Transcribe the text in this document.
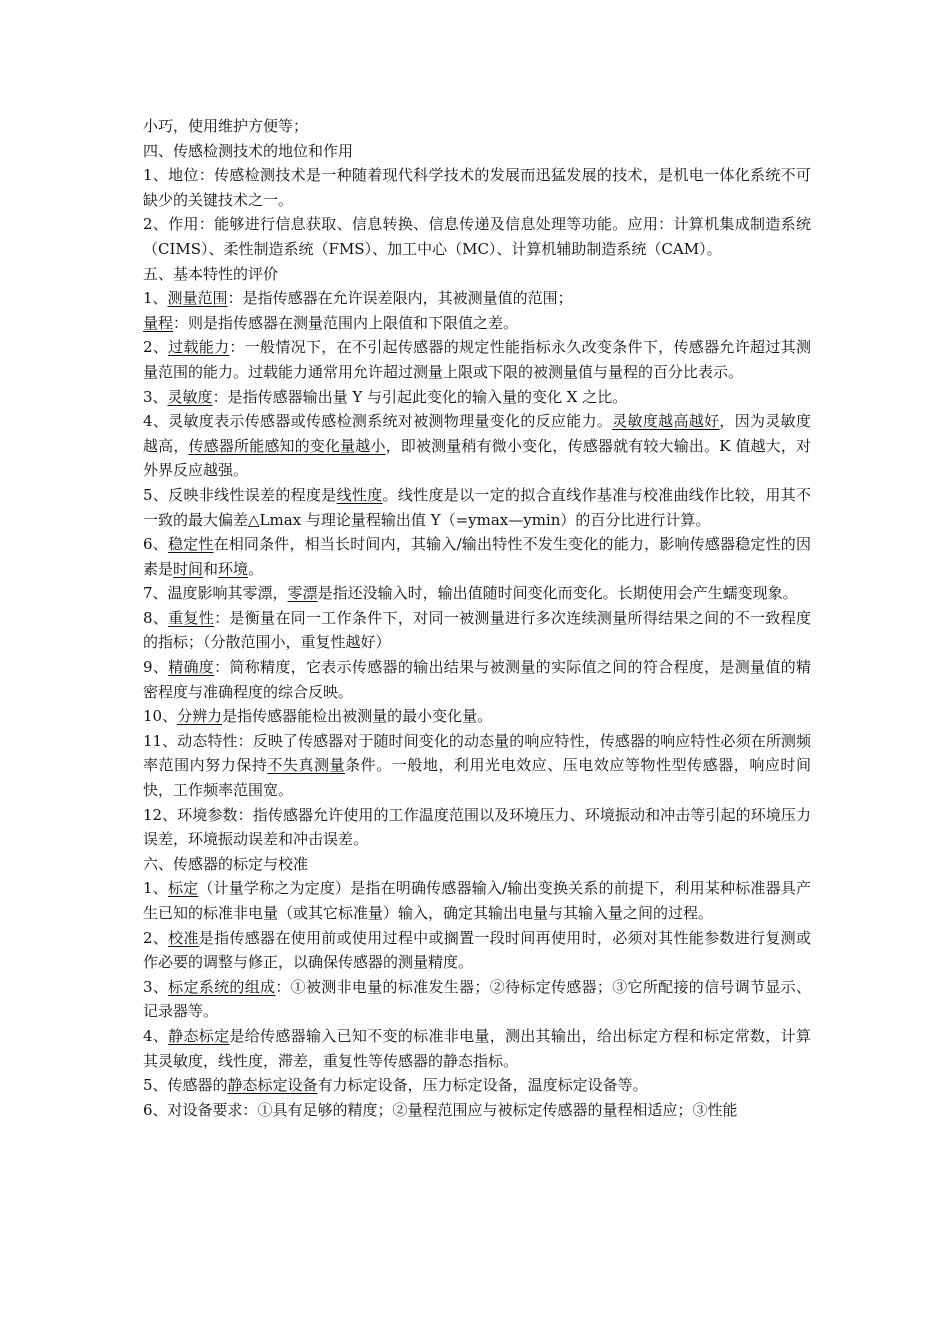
小巧，使用维护方便等；

四、传感检测技术的地位和作用

1、地位：传感检测技术是一种随着现代科学技术的发展而迅猛发展的技术，是机电一体化系统不可缺少的关键技术之一。

2、作用：能够进行信息获取、信息转换、信息传递及信息处理等功能。应用：计算机集成制造系统（CIMS）、柔性制造系统（FMS）、加工中心（MC）、计算机辅助制造系统（CAM）。

五、基本特性的评价

1、测量范围：是指传感器在允许误差限内，其被测量值的范围；

量程：则是指传感器在测量范围内上限值和下限值之差。

2、过载能力：一般情况下，在不引起传感器的规定性能指标永久改变条件下，传感器允许超过其测量范围的能力。过载能力通常用允许超过测量上限或下限的被测量值与量程的百分比表示。

3、灵敏度：是指传感器输出量 Y 与引起此变化的输入量的变化 X 之比。

4、灵敏度表示传感器或传感检测系统对被测物理量变化的反应能力。灵敏度越高越好，因为灵敏度越高，传感器所能感知的变化量越小，即被测量稍有微小变化，传感器就有较大输出。K 值越大，对外界反应越强。

5、反映非线性误差的程度是线性度。线性度是以一定的拟合直线作基准与校准曲线作比较，用其不一致的最大偏差△Lmax 与理论量程输出值 Y（=ymax—ymin）的百分比进行计算。

6、稳定性在相同条件，相当长时间内，其输入/输出特性不发生变化的能力，影响传感器稳定性的因素是时间和环境。

7、温度影响其零漂，零漂是指还没输入时，输出值随时间变化而变化。长期使用会产生蠕变现象。

8、重复性：是衡量在同一工作条件下，对同一被测量进行多次连续测量所得结果之间的不一致程度的指标；（分散范围小，重复性越好）

9、精确度：简称精度，它表示传感器的输出结果与被测量的实际值之间的符合程度，是测量值的精密程度与准确程度的综合反映。

10、分辨力是指传感器能检出被测量的最小变化量。

11、动态特性：反映了传感器对于随时间变化的动态量的响应特性，传感器的响应特性必须在所测频率范围内努力保持不失真测量条件。一般地，利用光电效应、压电效应等物性型传感器，响应时间快，工作频率范围宽。

12、环境参数：指传感器允许使用的工作温度范围以及环境压力、环境振动和冲击等引起的环境压力误差，环境振动误差和冲击误差。

六、传感器的标定与校准

1、标定（计量学称之为定度）是指在明确传感器输入/输出变换关系的前提下，利用某种标准器具产生已知的标准非电量（或其它标准量）输入，确定其输出电量与其输入量之间的过程。

2、校准是指传感器在使用前或使用过程中或搁置一段时间再使用时，必须对其性能参数进行复测或作必要的调整与修正，以确保传感器的测量精度。

3、标定系统的组成：①被测非电量的标准发生器；②待标定传感器；③它所配接的信号调节显示、记录器等。

4、静态标定是给传感器输入已知不变的标准非电量，测出其输出，给出标定方程和标定常数，计算其灵敏度，线性度，滞差，重复性等传感器的静态指标。

5、传感器的静态标定设备有力标定设备，压力标定设备，温度标定设备等。

6、对设备要求：①具有足够的精度；②量程范围应与被标定传感器的量程相适应；③性能
